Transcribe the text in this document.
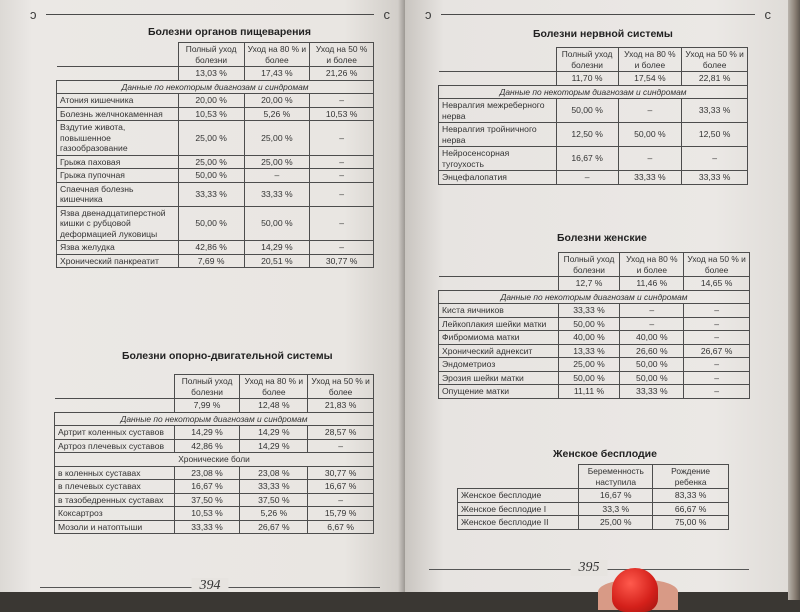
ↄ	c
Болезни органов пищеварения
	Полный уход болезни	Уход на 80 % и более	Уход на 50 % и более
	13,03 %	17,43 %	21,26 %
Данные по некоторым диагнозам и синдромам			
Атония кишечника	20,00 %	20,00 %	–
Болезнь желчнокаменная	10,53 %	5,26 %	10,53 %
Вздутие живота, повышенное газообразование	25,00 %	25,00 %	–
Грыжа паховая	25,00 %	25,00 %	–
Грыжа пупочная	50,00 %	–	–
Спаечная болезнь кишечника	33,33 %	33,33 %	–
Язва двенадцатиперстной кишки с рубцовой деформацией луковицы	50,00 %	50,00 %	–
Язва желудка	42,86 %	14,29 %	–
Хронический панкреатит	7,69 %	20,51 %	30,77 %
Болезни опорно-двигательной системы
	Полный уход болезни	Уход на 80 % и более	Уход на 50 % и более
	7,99 %	12,48 %	21,83 %
Данные по некоторым диагнозам и синдромам			
Артрит коленных суставов	14,29 %	14,29 %	28,57 %
Артроз плечевых суставов	42,86 %	14,29 %	–
Хронические боли			
в коленных суставах	23,08 %	23,08 %	30,77 %
в плечевых суставах	16,67 %	33,33 %	16,67 %
в тазобедренных суставах	37,50 %	37,50 %	–
Коксартроз	10,53 %	5,26 %	15,79 %
Мозоли и натоптыши	33,33 %	26,67 %	6,67 %
394
ↄ	c
Болезни нервной системы
	Полный уход болезни	Уход на 80 % и более	Уход на 50 % и более
	11,70 %	17,54 %	22,81 %
Данные по некоторым диагнозам и синдромам			
Невралгия межреберного нерва	50,00 %	–	33,33 %
Невралгия тройничного нерва	12,50 %	50,00 %	12,50 %
Нейросенсорная тугоухость	16,67 %	–	–
Энцефалопатия	–	33,33 %	33,33 %
Болезни женские
	Полный уход болезни	Уход на 80 % и более	Уход на 50 % и более
	12,7 %	11,46 %	14,65 %
Данные по некоторым диагнозам и синдромам			
Киста яичников	33,33 %	–	–
Лейкоплакия шейки матки	50,00 %	–	–
Фибромиома матки	40,00 %	40,00 %	–
Хронический аднексит	13,33 %	26,60 %	26,67 %
Эндометриоз	25,00 %	50,00 %	–
Эрозия шейки матки	50,00 %	50,00 %	–
Опущение матки	11,11 %	33,33 %	–
Женское бесплодие
	Беременность наступила	Рождение ребенка
Женское бесплодие	16,67 %	83,33 %
Женское бесплодие I	33,3 %	66,67 %
Женское бесплодие II	25,00 %	75,00 %
395
